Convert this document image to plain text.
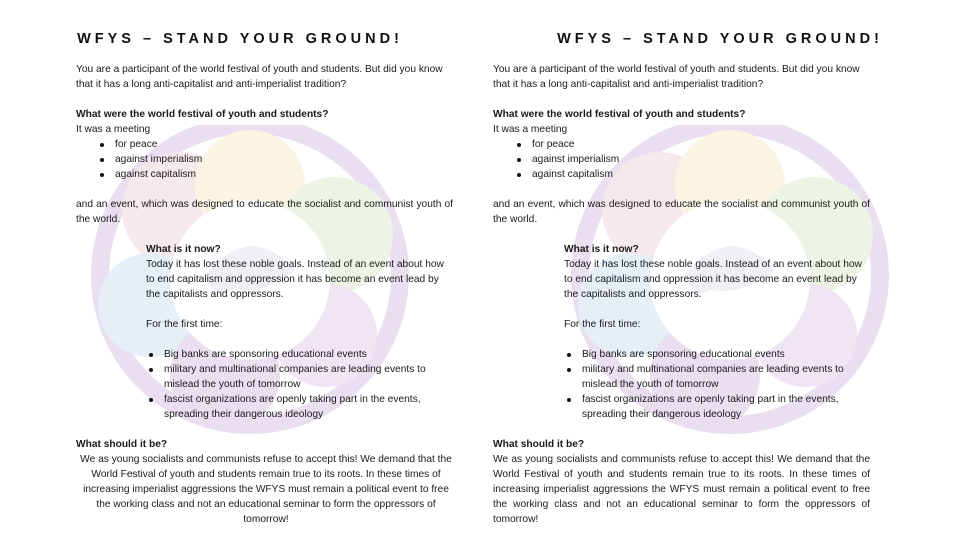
WFYS – STAND YOUR GROUND!

You are a participant of the world festival of youth and students. But did you know that it has a long anti-capitalist and anti-imperialist tradition?

What were the world festival of youth and students?
It was a meeting
for peace
against imperialism
against capitalism

and an event, which was designed to educate the socialist and communist youth of the world.

What is it now?

Today it has lost these noble goals. Instead of an event about how to end capitalism and oppression it has become an event lead by the capitalists and oppressors.

For the first time:
Big banks are sponsoring educational events
military and multinational companies are leading events to mislead the youth of tomorrow
fascist organizations are openly taking part in the events, spreading their dangerous ideology
What should it be?

We as young socialists and communists refuse to accept this! We demand that the World Festival of youth and students remain true to its roots. In these times of increasing imperialist aggressions the WFYS must remain a political event to free the working class and not an educational seminar to form the oppressors of tomorrow!

WFYS – STAND YOUR GROUND!

You are a participant of the world festival of youth and students. But did you know that it has a long anti-capitalist and anti-imperialist tradition?

What were the world festival of youth and students?
It was a meeting
for peace
against imperialism
against capitalism

and an event, which was designed to educate the socialist and communist youth of the world.

What is it now?

Today it has lost these noble goals. Instead of an event about how to end capitalism and oppression it has become an event lead by the capitalists and oppressors.

For the first time:
Big banks are sponsoring educational events
military and multinational companies are leading events to mislead the youth of tomorrow
fascist organizations are openly taking part in the events, spreading their dangerous ideology
What should it be?

We as young socialists and communists refuse to accept this! We demand that the World Festival of youth and students remain true to its roots. In these times of increasing imperialist aggressions the WFYS must remain a political event to free the working class and not an educational seminar to form the oppressors of tomorrow!
